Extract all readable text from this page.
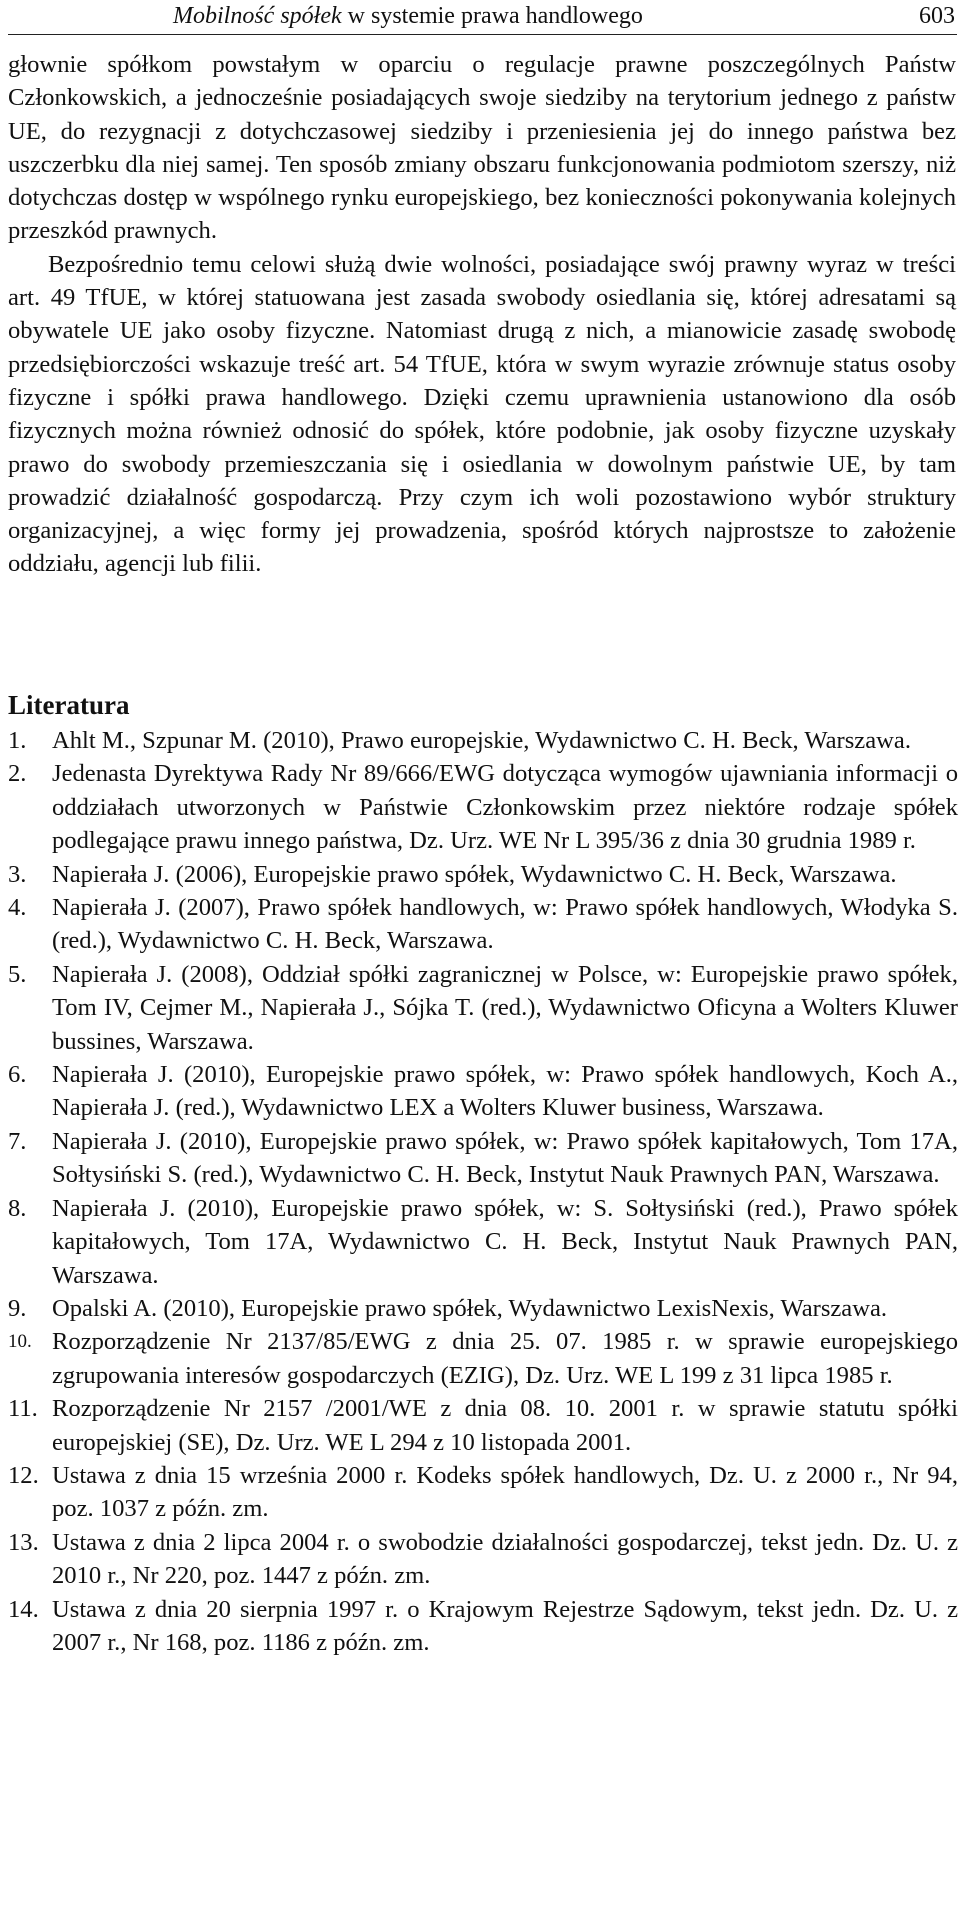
Mobilność spółek w systemie prawa handlowego	603

głownie spółkom powstałym w oparciu o regulacje prawne poszczególnych Państw Członkowskich, a jednocześnie posiadających swoje siedziby na terytorium jednego z państw UE, do rezygnacji z dotychczasowej siedziby i przeniesienia jej do innego państwa bez uszczerbku dla niej samej. Ten sposób zmiany obszaru funkcjonowania podmiotom szerszy, niż dotychczas dostęp w wspólnego rynku europejskiego, bez konieczności pokonywania kolejnych przeszkód prawnych.

Bezpośrednio temu celowi służą dwie wolności, posiadające swój prawny wyraz w treści art. 49 TfUE, w której statuowana jest zasada swobody osiedlania się, której adresatami są obywatele UE jako osoby fizyczne. Natomiast drugą z nich, a mianowicie zasadę swobodę przedsiębiorczości wskazuje treść art. 54 TfUE, która w swym wyrazie zrównuje status osoby fizyczne i spółki prawa handlowego. Dzięki czemu uprawnienia ustanowiono dla osób fizycznych można również odnosić do spółek, które podobnie, jak osoby fizyczne uzyskały prawo do swobody przemieszczania się i osiedlania w dowolnym państwie UE, by tam prowadzić działalność gospodarczą. Przy czym ich woli pozostawiono wybór struktury organizacyjnej, a więc formy jej prowadzenia, spośród których najprostsze to założenie oddziału, agencji lub filii.

Literatura
1. Ahlt M., Szpunar M. (2010), Prawo europejskie, Wydawnictwo C. H. Beck, Warszawa.
2. Jedenasta Dyrektywa Rady Nr 89/666/EWG dotycząca wymogów ujawniania informacji o oddziałach utworzonych w Państwie Członkowskim przez niektóre rodzaje spółek podlegające prawu innego państwa, Dz. Urz. WE Nr L 395/36 z dnia 30 grudnia 1989 r.
3. Napierała J. (2006), Europejskie prawo spółek, Wydawnictwo C. H. Beck, Warszawa.
4. Napierała J. (2007), Prawo spółek handlowych, w: Prawo spółek handlowych, Włodyka S. (red.), Wydawnictwo C. H. Beck, Warszawa.
5. Napierała J. (2008), Oddział spółki zagranicznej w Polsce, w: Europejskie prawo spółek, Tom IV, Cejmer M., Napierała J., Sójka T. (red.), Wydawnictwo Oficyna a Wolters Kluwer bussines, Warszawa.
6. Napierała J. (2010), Europejskie prawo spółek, w: Prawo spółek handlowych, Koch A., Napierała J. (red.), Wydawnictwo LEX a Wolters Kluwer business, Warszawa.
7. Napierała J. (2010), Europejskie prawo spółek, w: Prawo spółek kapitałowych, Tom 17A, Sołtysiński S. (red.), Wydawnictwo C. H. Beck, Instytut Nauk Prawnych PAN, Warszawa.
8. Napierała J. (2010), Europejskie prawo spółek, w: S. Sołtysiński (red.), Prawo spółek kapitałowych, Tom 17A, Wydawnictwo C. H. Beck, Instytut Nauk Prawnych PAN, Warszawa.
9. Opalski A. (2010), Europejskie prawo spółek, Wydawnictwo LexisNexis, Warszawa.
10. Rozporządzenie Nr 2137/85/EWG z dnia 25. 07. 1985 r. w sprawie europejskiego zgrupowania interesów gospodarczych (EZIG), Dz. Urz. WE L 199 z 31 lipca 1985 r.
11. Rozporządzenie Nr 2157 /2001/WE z dnia 08. 10. 2001 r. w sprawie statutu spółki europejskiej (SE), Dz. Urz. WE L 294 z 10 listopada 2001.
12. Ustawa z dnia 15 września 2000 r. Kodeks spółek handlowych, Dz. U. z 2000 r., Nr 94, poz. 1037 z późn. zm.
13. Ustawa z dnia 2 lipca 2004 r. o swobodzie działalności gospodarczej, tekst jedn. Dz. U. z 2010 r., Nr 220, poz. 1447 z późn. zm.
14. Ustawa z dnia 20 sierpnia 1997 r. o Krajowym Rejestrze Sądowym, tekst jedn. Dz. U. z 2007 r., Nr 168, poz. 1186 z późn. zm.
